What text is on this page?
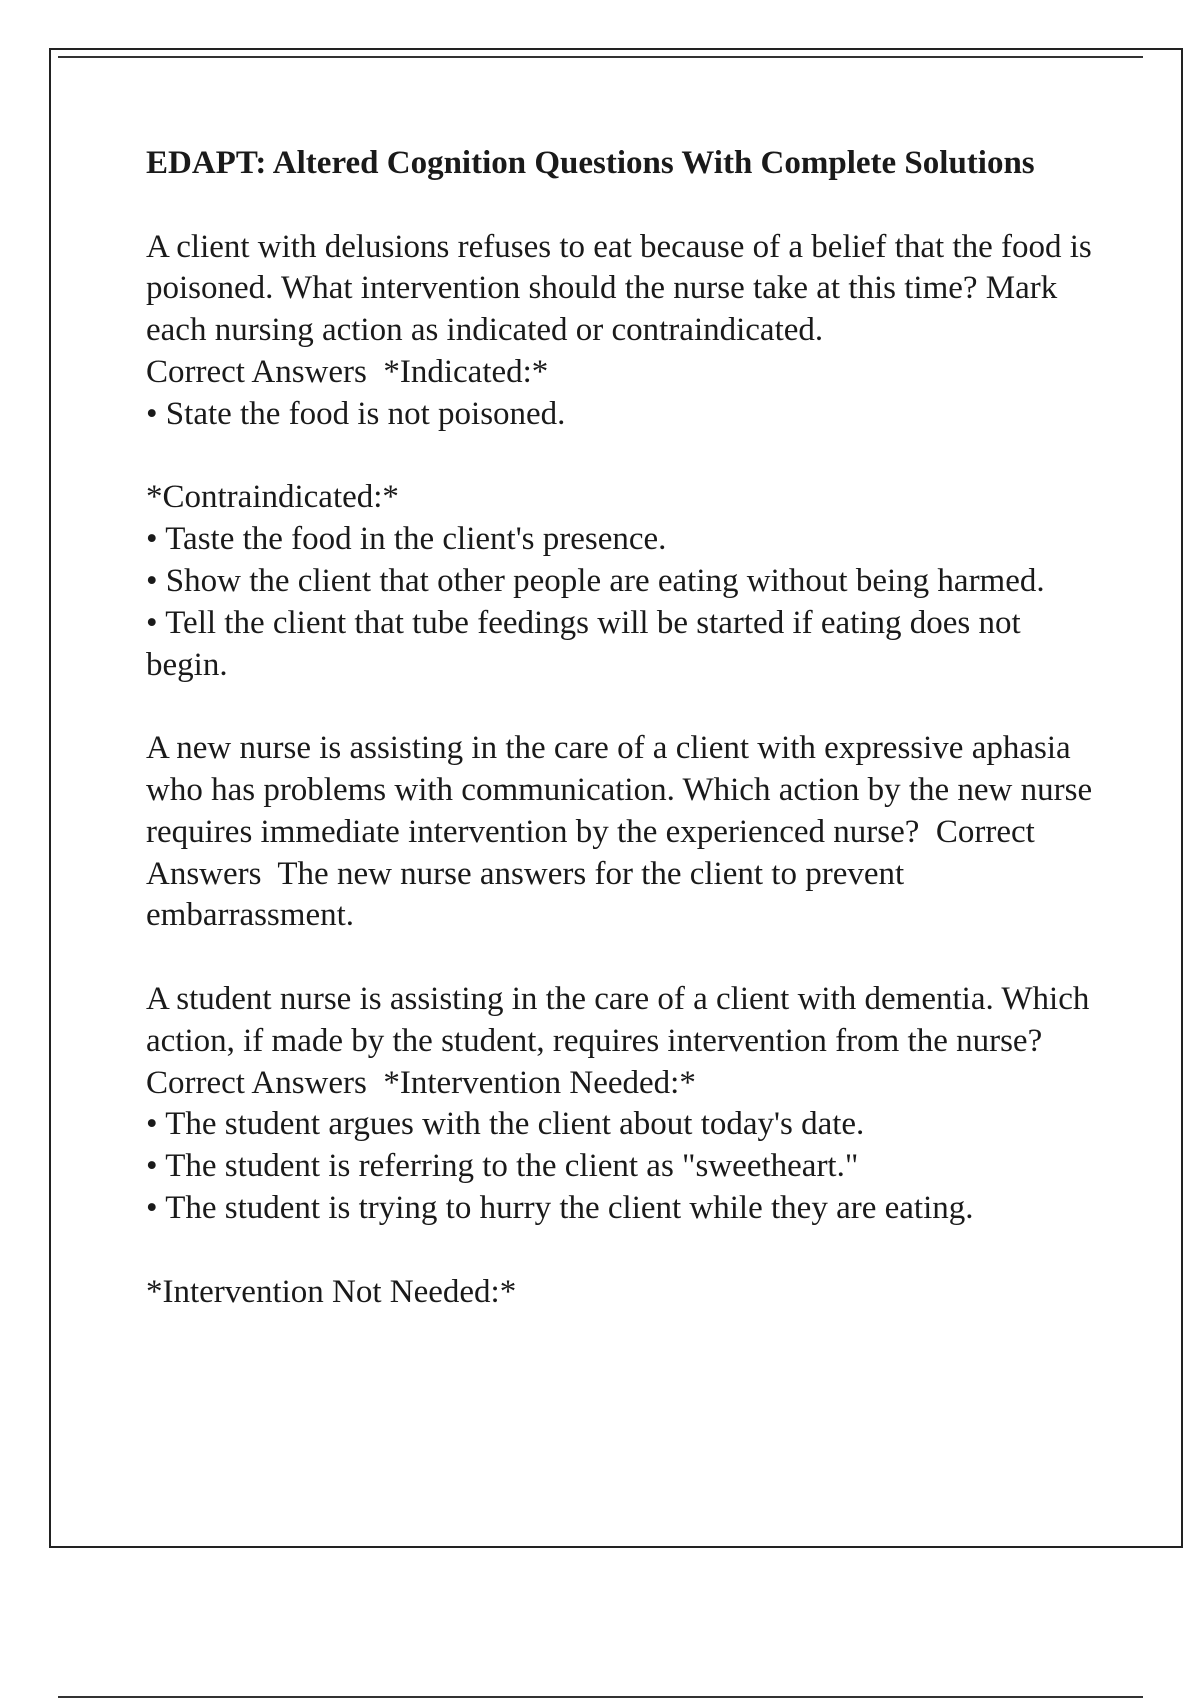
EDAPT: Altered Cognition Questions With Complete Solutions
A client with delusions refuses to eat because of a belief that the food is poisoned. What intervention should the nurse take at this time? Mark each nursing action as indicated or contraindicated.
Correct Answers  *Indicated:*
• State the food is not poisoned.
*Contraindicated:*
• Taste the food in the client's presence.
• Show the client that other people are eating without being harmed.
• Tell the client that tube feedings will be started if eating does not begin.
A new nurse is assisting in the care of a client with expressive aphasia who has problems with communication. Which action by the new nurse requires immediate intervention by the experienced nurse?  Correct Answers  The new nurse answers for the client to prevent embarrassment.
A student nurse is assisting in the care of a client with dementia. Which action, if made by the student, requires intervention from the nurse?  Correct Answers  *Intervention Needed:*
• The student argues with the client about today's date.
• The student is referring to the client as "sweetheart."
• The student is trying to hurry the client while they are eating.
*Intervention Not Needed:*
